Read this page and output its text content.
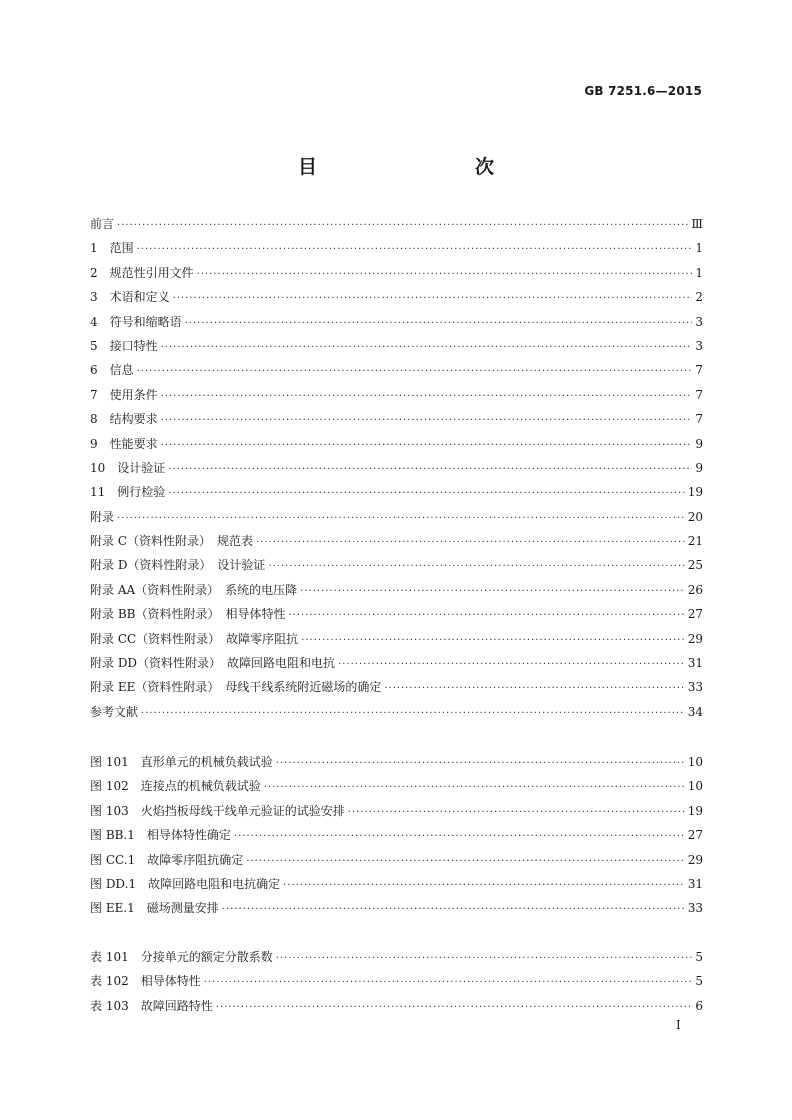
GB 7251.6—2015
目　　次
前言 ·····	Ⅲ
1　范围 ·····	1
2　规范性引用文件 ·····	1
3　术语和定义 ·····	2
4　符号和缩略语 ·····	3
5　接口特性 ·····	3
6　信息 ·····	7
7　使用条件 ·····	7
8　结构要求 ·····	7
9　性能要求 ·····	9
10　设计验证 ·····	9
11　例行检验 ·····	19
附录 ·····	20
附录 C（资料性附录）　规范表 ·····	21
附录 D（资料性附录）　设计验证 ·····	25
附录 AA（资料性附录）　系统的电压降 ·····	26
附录 BB（资料性附录）　相导体特性 ·····	27
附录 CC（资料性附录）　故障零序阻抗 ·····	29
附录 DD（资料性附录）　故障回路电阻和电抗 ·····	31
附录 EE（资料性附录）　母线干线系统附近磁场的确定 ·····	33
参考文献 ·····	34
图 101　直形单元的机械负载试验 ·····	10
图 102　连接点的机械负载试验 ·····	10
图 103　火焰挡板母线干线单元验证的试验安排 ·····	19
图 BB.1　相导体特性确定 ·····	27
图 CC.1　故障零序阻抗确定 ·····	29
图 DD.1　故障回路电阻和电抗确定 ·····	31
图 EE.1　磁场测量安排 ·····	33
表 101　分接单元的额定分散系数 ·····	5
表 102　相导体特性 ·····	5
表 103　故障回路特性 ·····	6
Ⅰ
